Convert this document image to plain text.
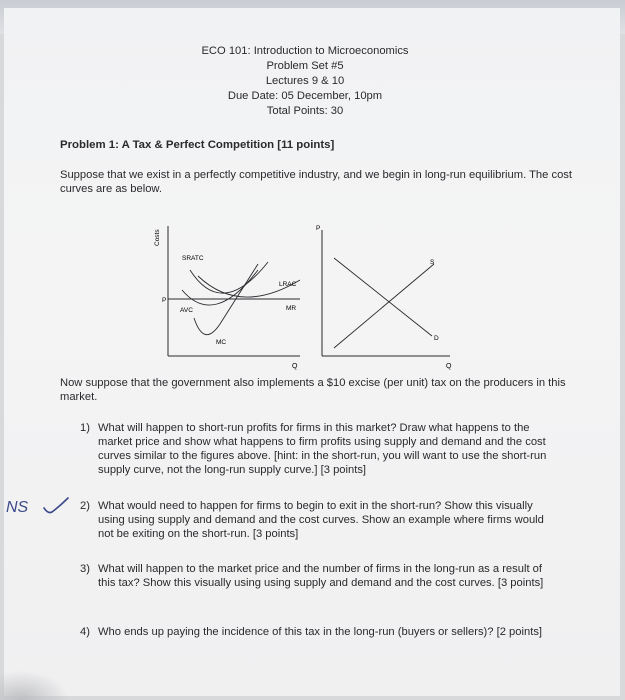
ECO 101: Introduction to Microeconomics
Problem Set #5
Lectures 9 & 10
Due Date: 05 December, 10pm
Total Points: 30
Problem 1: A Tax & Perfect Competition [11 points]
Suppose that we exist in a perfectly competitive industry, and we begin in long-run equilibrium. The cost curves are as below.
Costs
Q
P
SRATC
LRAC
AVC	MR
MC
P
Q
S
D
Now suppose that the government also implements a $10 excise (per unit) tax on the producers in this market.
NS
1) What will happen to short-run profits for firms in this market? Draw what happens to the market price and show what happens to firm profits using supply and demand and the cost curves similar to the figures above. [hint: in the short-run, you will want to use the short-run supply curve, not the long-run supply curve.] [3 points]
2) What would need to happen for firms to begin to exit in the short-run? Show this visually using using supply and demand and the cost curves. Show an example where firms would not be exiting on the short-run. [3 points]
3) What will happen to the market price and the number of firms in the long-run as a result of this tax? Show this visually using using supply and demand and the cost curves. [3 points]
4) Who ends up paying the incidence of this tax in the long-run (buyers or sellers)? [2 points]
